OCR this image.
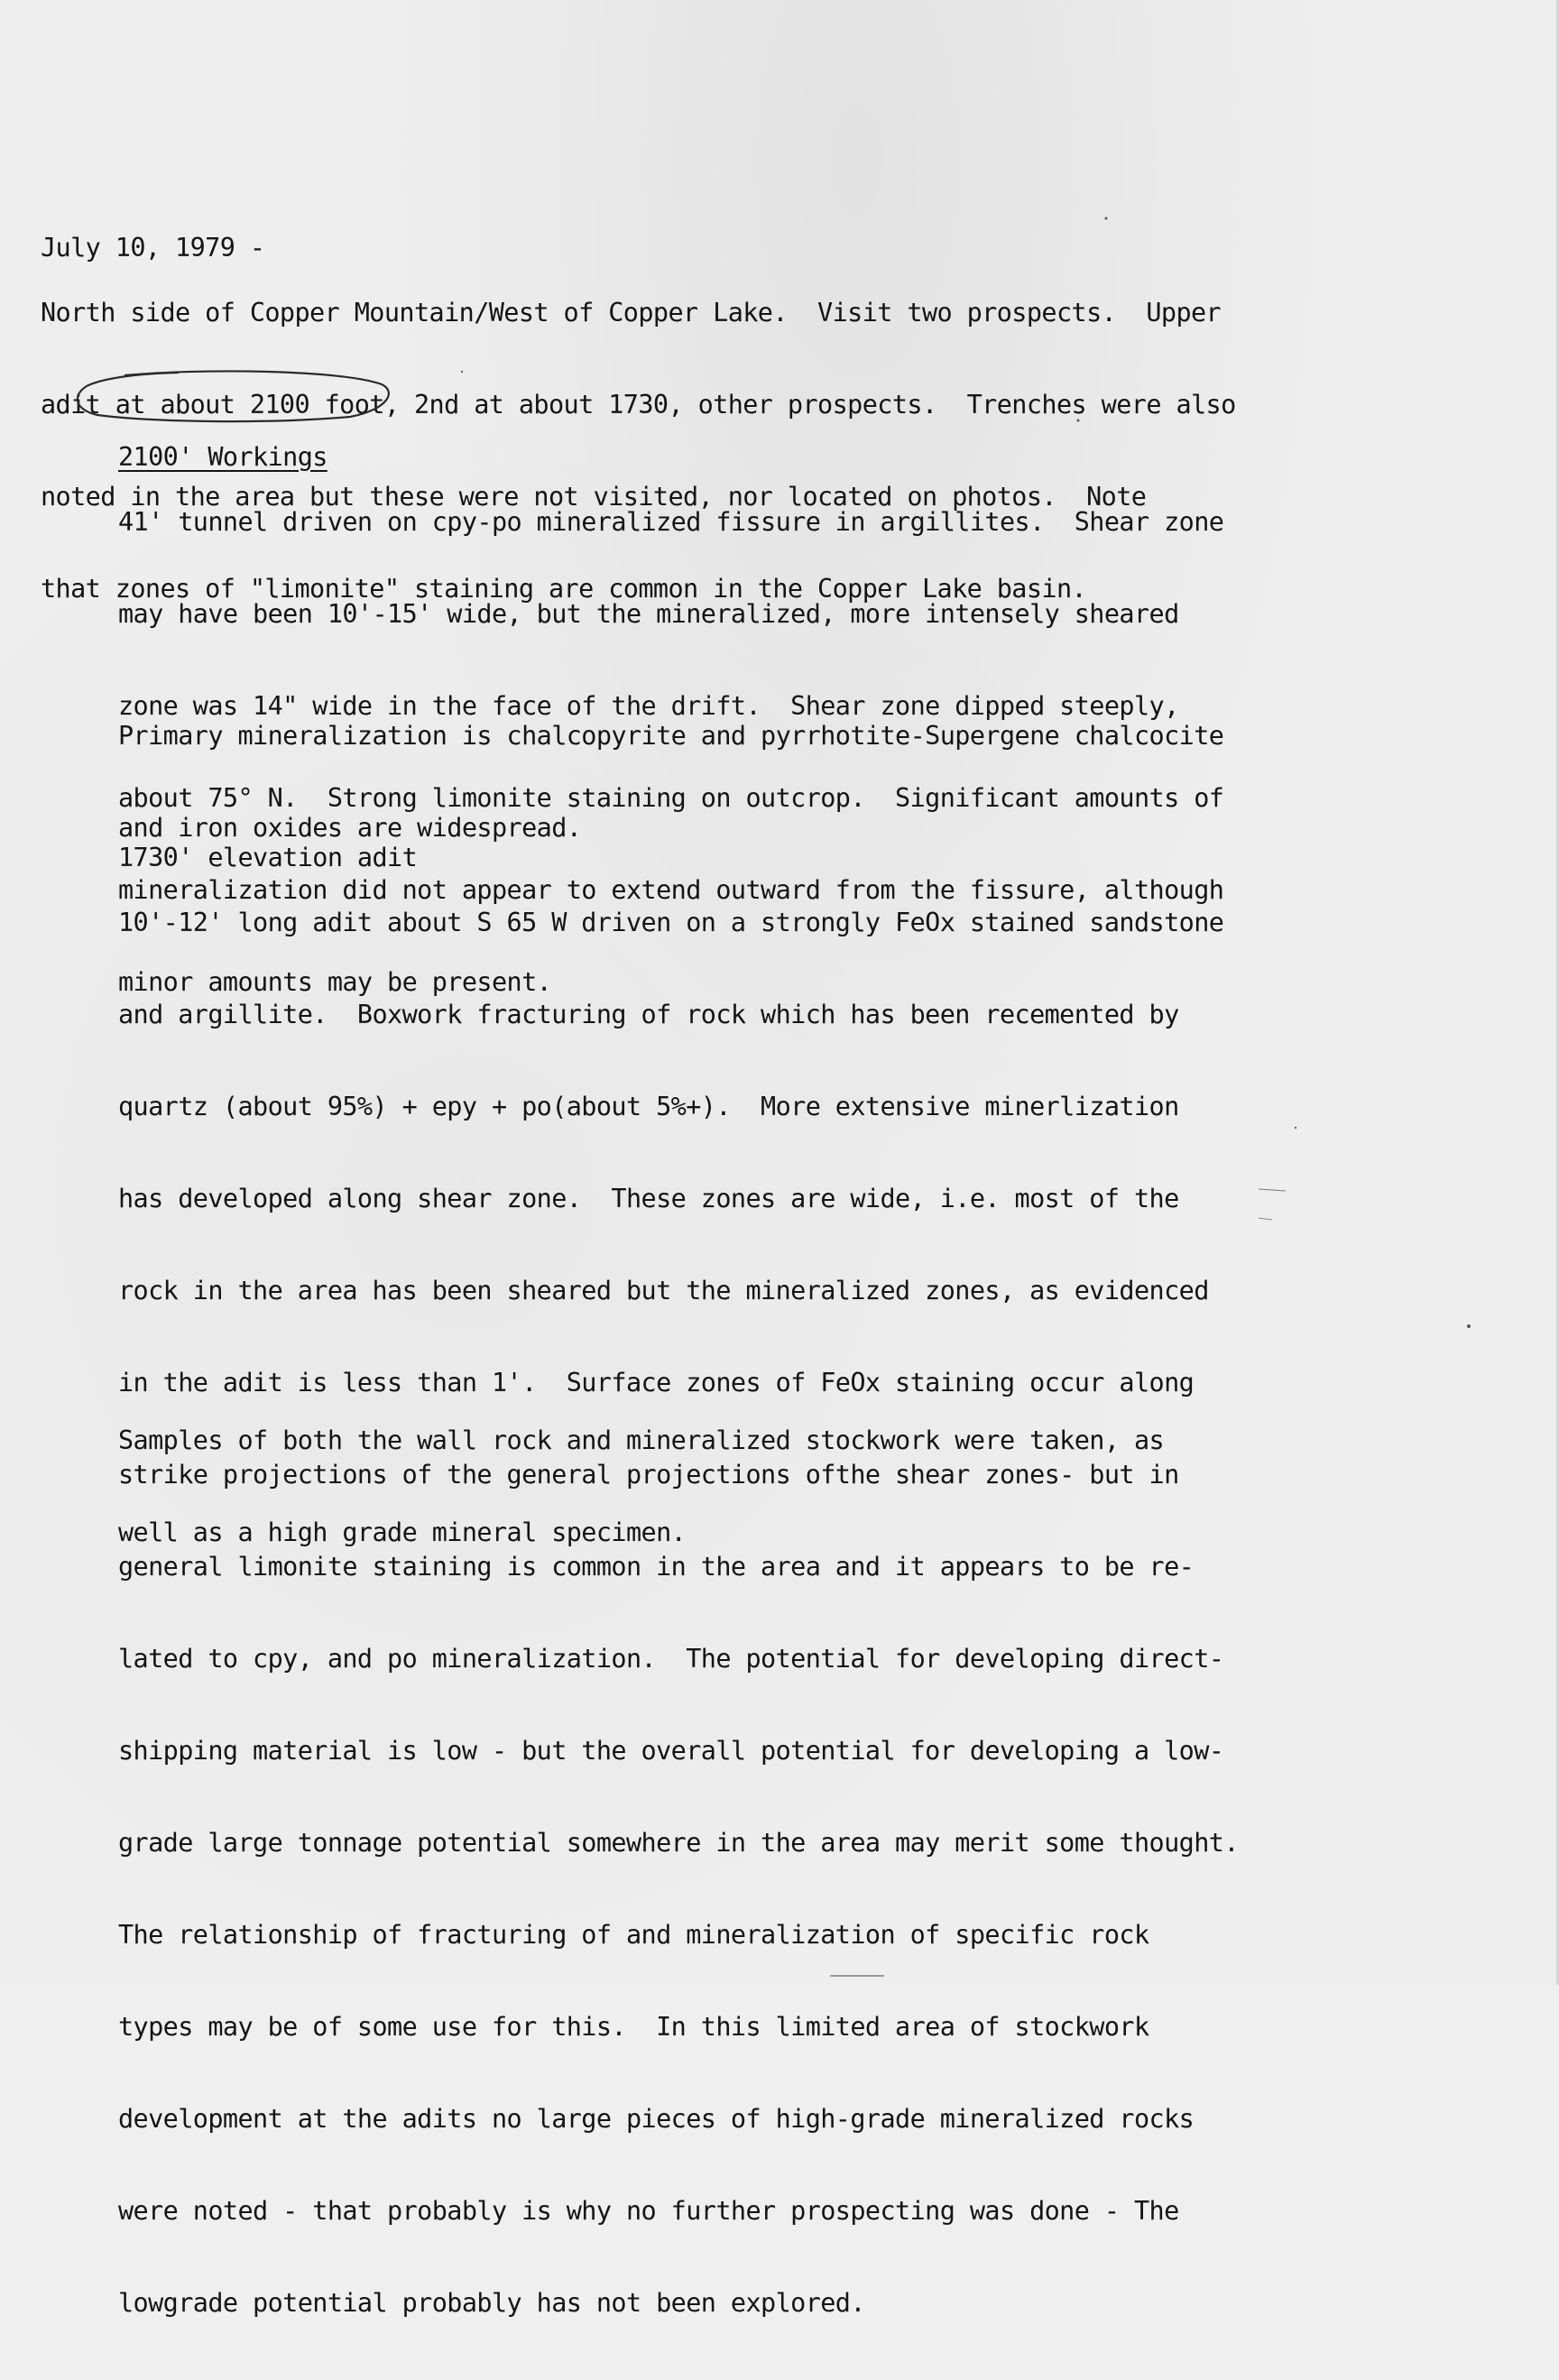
July 10, 1979 -

North side of Copper Mountain/West of Copper Lake.  Visit two prospects.  Upper

adit at about 2100 foot, 2nd at about 1730, other prospects.  Trenches were also

noted in the area but these were not visited, nor located on photos.  Note

that zones of "limonite" staining are common in the Copper Lake basin.

2100' Workings

41' tunnel driven on cpy-po mineralized fissure in argillites.  Shear zone

may have been 10'-15' wide, but the mineralized, more intensely sheared

zone was 14" wide in the face of the drift.  Shear zone dipped steeply,

about 75° N.  Strong limonite staining on outcrop.  Significant amounts of

mineralization did not appear to extend outward from the fissure, although

minor amounts may be present.

Primary mineralization is chalcopyrite and pyrrhotite-Supergene chalcocite

and iron oxides are widespread.

1730' elevation adit

10'-12' long adit about S 65 W driven on a strongly FeOx stained sandstone

and argillite.  Boxwork fracturing of rock which has been recemented by

quartz (about 95%) + epy + po(about 5%+).  More extensive minerlization

has developed along shear zone.  These zones are wide, i.e. most of the

rock in the area has been sheared but the mineralized zones, as evidenced

in the adit is less than 1'.  Surface zones of FeOx staining occur along

strike projections of the general projections ofthe shear zones- but in

general limonite staining is common in the area and it appears to be re-

lated to cpy, and po mineralization.  The potential for developing direct-

shipping material is low - but the overall potential for developing a low-

grade large tonnage potential somewhere in the area may merit some thought.

The relationship of fracturing of and mineralization of specific rock

types may be of some use for this.  In this limited area of stockwork

development at the adits no large pieces of high-grade mineralized rocks

were noted - that probably is why no further prospecting was done - The

lowgrade potential probably has not been explored.

Samples of both the wall rock and mineralized stockwork were taken, as

well as a high grade mineral specimen.
